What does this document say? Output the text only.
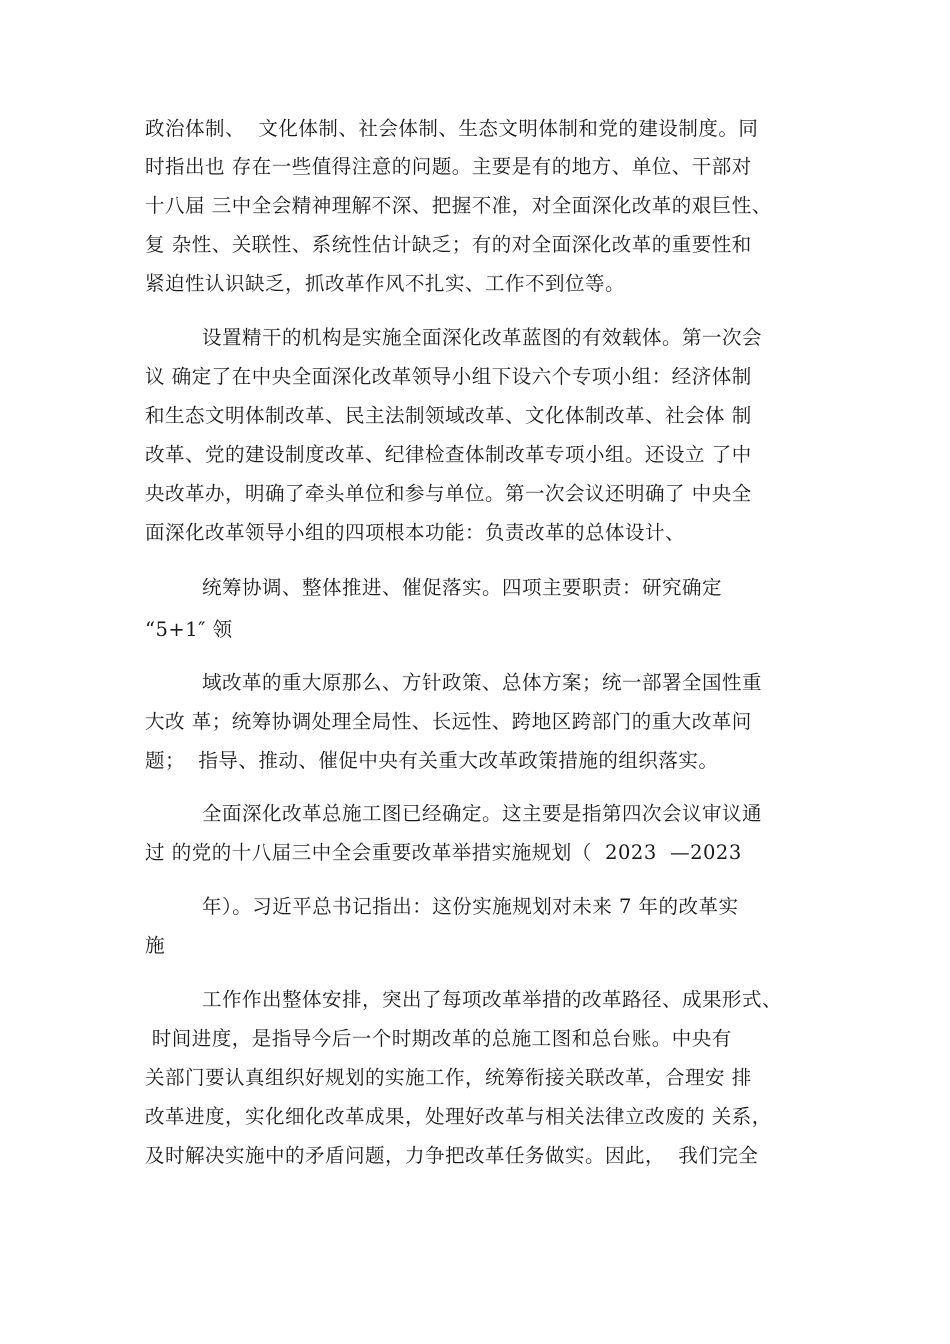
政治体制、  文化体制、社会体制、生态文明体制和党的建设制度。同
时指出也 存在一些值得注意的问题。主要是有的地方、单位、干部对
十八届 三中全会精神理解不深、把握不准，对全面深化改革的艰巨性、
复 杂性、关联性、系统性估计缺乏；有的对全面深化改革的重要性和
紧迫性认识缺乏，抓改革作风不扎实、工作不到位等。
设置精干的机构是实施全面深化改革蓝图的有效载体。第一次会
议 确定了在中央全面深化改革领导小组下设六个专项小组：经济体制
和生态文明体制改革、民主法制领域改革、文化体制改革、社会体 制
改革、党的建设制度改革、纪律检查体制改革专项小组。还设立 了中
央改革办，明确了牵头单位和参与单位。第一次会议还明确了 中央全
面深化改革领导小组的四项根本功能：负责改革的总体设计、
统筹协调、整体推进、催促落实。四项主要职责：研究确定
“5+1″ 领
域改革的重大原那么、方针政策、总体方案；统一部署全国性重
大改 革；统筹协调处理全局性、长远性、跨地区跨部门的重大改革问
题；  指导、推动、催促中央有关重大改革政策措施的组织落实。
全面深化改革总施工图已经确定。这主要是指第四次会议审议通
过 的党的十八届三中全会重要改革举措实施规划（  2023  —2023
年）。习近平总书记指出：这份实施规划对未来 7 年的改革实
施
工作作出整体安排，突出了每项改革举措的改革路径、成果形式、
时间进度，是指导今后一个时期改革的总施工图和总台账。中央有
关部门要认真组织好规划的实施工作，统筹衔接关联改革，合理安 排
改革进度，实化细化改革成果，处理好改革与相关法律立改废的 关系，
及时解决实施中的矛盾问题，力争把改革任务做实。因此，  我们完全
